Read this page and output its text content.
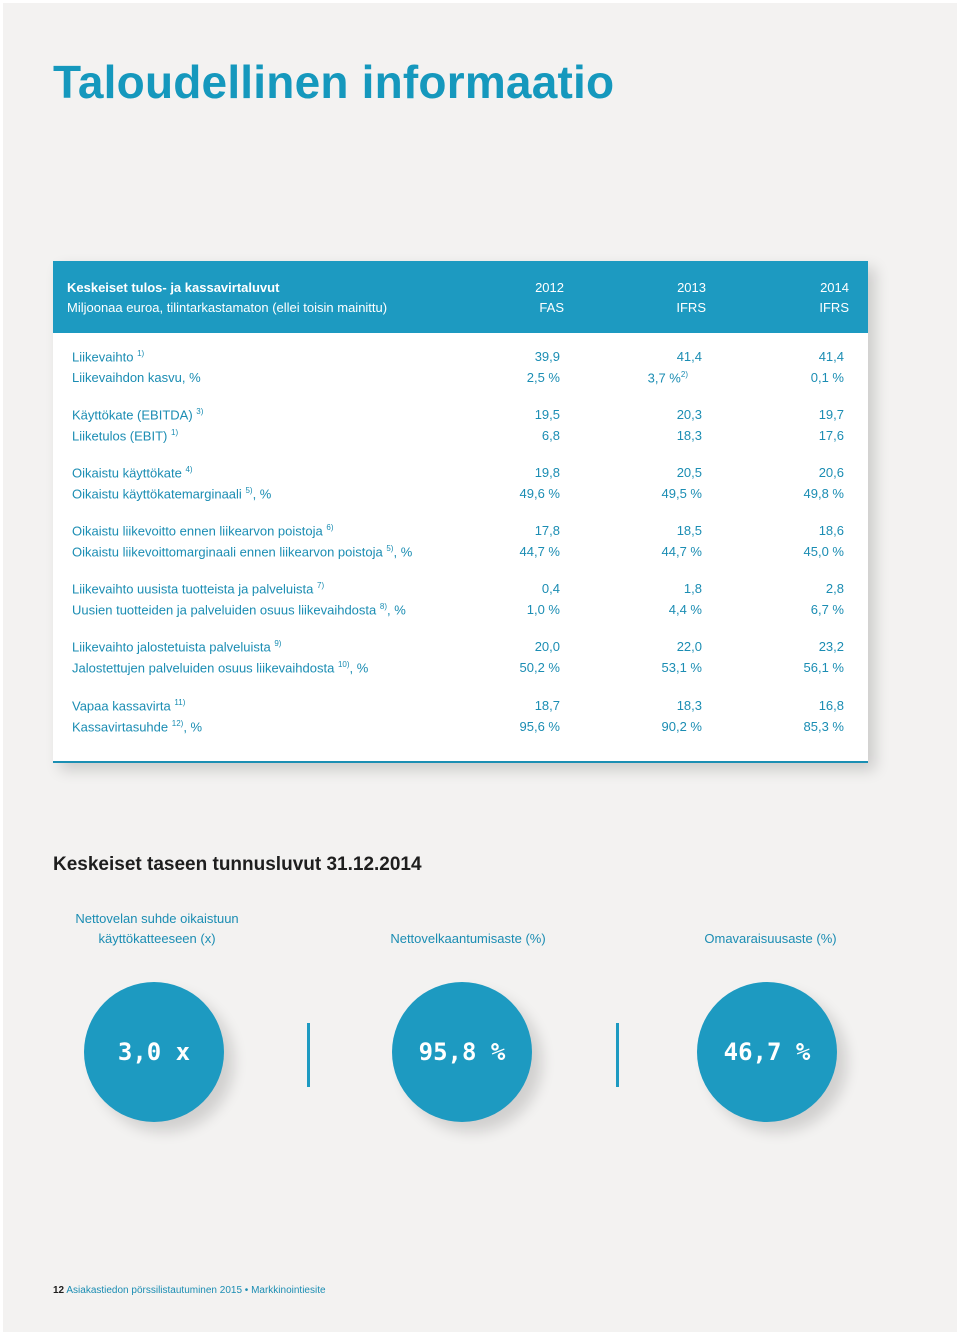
Taloudellinen informaatio
Keskeiset tulos- ja kassavirtaluvut
Miljoonaa euroa, tilintarkastamaton (ellei toisin mainittu)
2012	2013	2014
FAS	IFRS	IFRS
Liikevaihto $^{1)}$	39,9	41,4	41,4
Liikevaihdon kasvu, %	2,5 %	3,7 %$^{2)}$	0,1 %
Käyttökate (EBITDA) $^{3)}$	19,5	20,3	19,7
Liiketulos (EBIT) $^{1)}$	6,8	18,3	17,6
Oikaistu käyttökate $^{4)}$	19,8	20,5	20,6
Oikaistu käyttökatemarginaali $^{5)}$, %	49,6 %	49,5 %	49,8 %
Oikaistu liikevoitto ennen liikearvon poistoja $^{6)}$	17,8	18,5	18,6
Oikaistu liikevoittomarginaali ennen liikearvon poistoja $^{5)}$, %	44,7 %	44,7 %	45,0 %
Liikevaihto uusista tuotteista ja palveluista $^{7)}$	0,4	1,8	2,8
Uusien tuotteiden ja palveluiden osuus liikevaihdosta $^{8)}$, %	1,0 %	4,4 %	6,7 %
Liikevaihto jalostetuista palveluista $^{9)}$	20,0	22,0	23,2
Jalostettujen palveluiden osuus liikevaihdosta $^{10)}$, %	50,2 %	53,1 %	56,1 %
Vapaa kassavirta $^{11)}$	18,7	18,3	16,8
Kassavirtasuhde $^{12)}$, %	95,6 %	90,2 %	85,3 %
Keskeiset taseen tunnusluvut 31.12.2014
Nettovelan suhde oikaistuun
käyttökatteeseen (x)	Nettovelkaantumisaste (%)	Omavaraisuusaste (%)
3,0 x	95,8 %	46,7 %
12 Asiakastiedon pörssilistautuminen 2015 • Markkinointiesite
